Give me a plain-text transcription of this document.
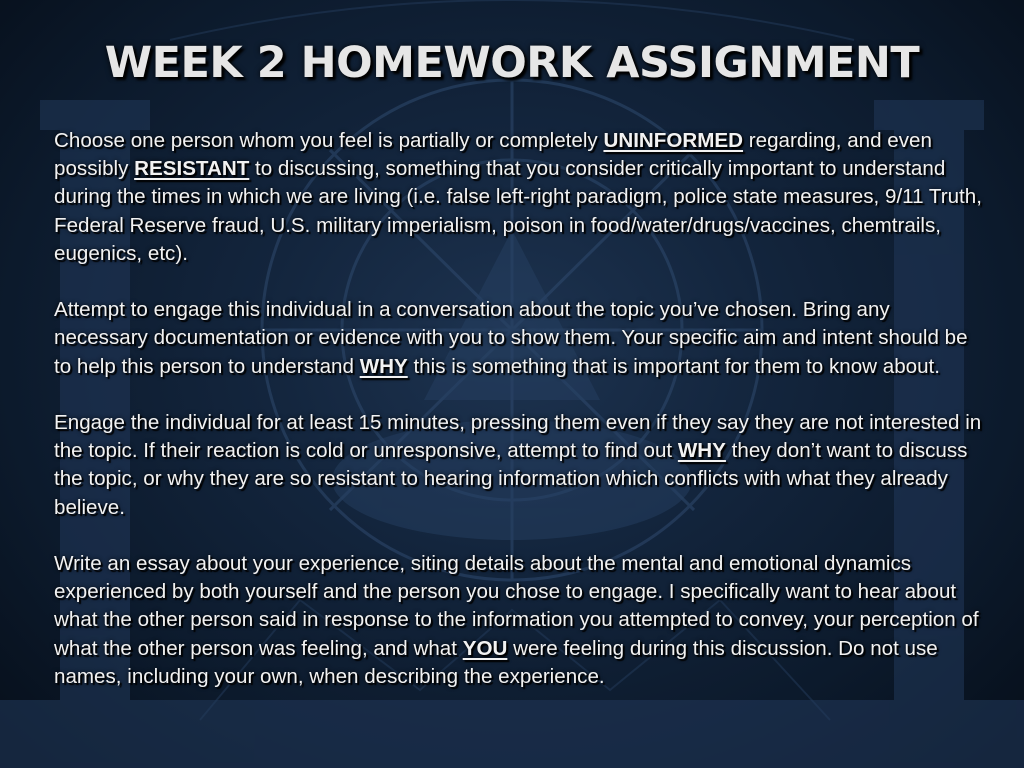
WEEK 2 HOMEWORK ASSIGNMENT

Choose one person whom you feel is partially or completely UNINFORMED regarding, and even possibly RESISTANT to discussing, something that you consider critically important to understand during the times in which we are living (i.e. false left-right paradigm, police state measures, 9/11 Truth, Federal Reserve fraud, U.S. military imperialism, poison in food/water/drugs/vaccines, chemtrails, eugenics, etc).

Attempt to engage this individual in a conversation about the topic you’ve chosen. Bring any necessary documentation or evidence with you to show them. Your specific aim and intent should be to help this person to understand WHY this is something that is important for them to know about.

Engage the individual for at least 15 minutes, pressing them even if they say they are not interested in the topic. If their reaction is cold or unresponsive, attempt to find out WHY they don’t want to discuss the topic, or why they are so resistant to hearing information which conflicts with what they already believe.

Write an essay about your experience, siting details about the mental and emotional dynamics experienced by both yourself and the person you chose to engage. I specifically want to hear about what the other person said in response to the information you attempted to convey, your perception of what the other person was feeling, and what YOU were feeling during this discussion. Do not use names, including your own, when describing the experience.
